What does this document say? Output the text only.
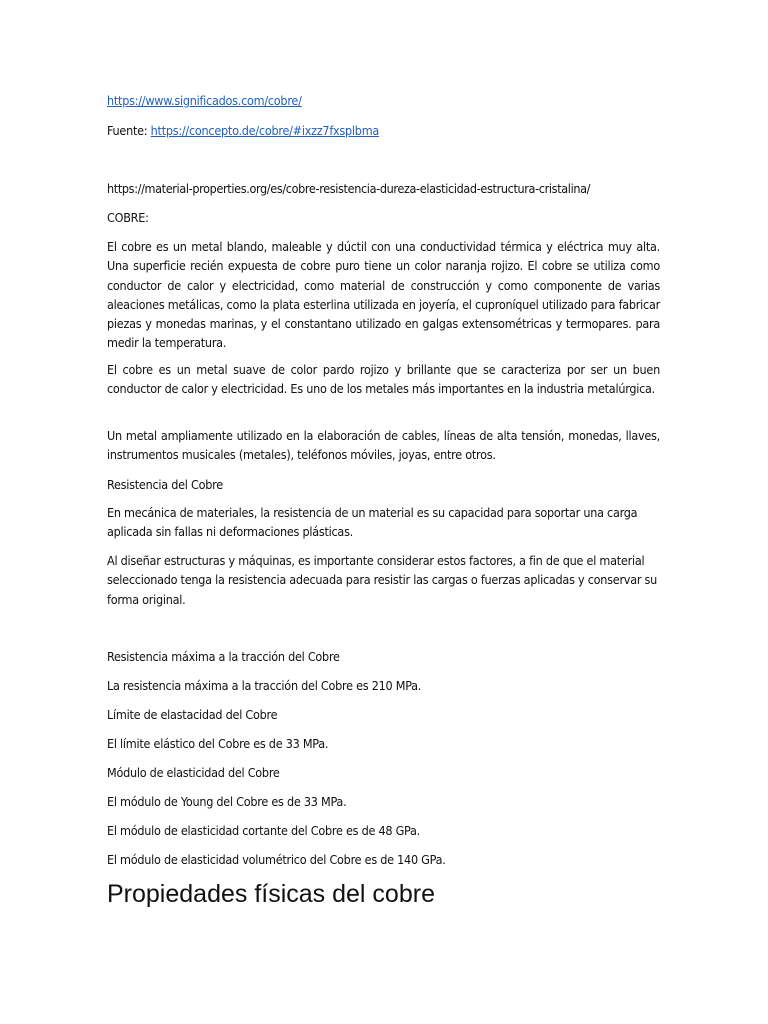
https://www.significados.com/cobre/
Fuente: https://concepto.de/cobre/#ixzz7fxsplbma
https://material-properties.org/es/cobre-resistencia-dureza-elasticidad-estructura-cristalina/
COBRE:
El cobre es un metal blando, maleable y dúctil con una conductividad térmica y eléctrica muy alta. Una superficie recién expuesta de cobre puro tiene un color naranja rojizo. El cobre se utiliza como conductor de calor y electricidad, como material de construcción y como componente de varias aleaciones metálicas, como la plata esterlina utilizada en joyería, el cuproníquel utilizado para fabricar piezas y monedas marinas, y el constantano utilizado en galgas extensométricas y termopares. para medir la temperatura.
El cobre es un metal suave de color pardo rojizo y brillante que se caracteriza por ser un buen conductor de calor y electricidad. Es uno de los metales más importantes en la industria metalúrgica.
Un metal ampliamente utilizado en la elaboración de cables, líneas de alta tensión, monedas, llaves, instrumentos musicales (metales), teléfonos móviles, joyas, entre otros.
Resistencia del Cobre
En mecánica de materiales, la resistencia de un material es su capacidad para soportar una carga aplicada sin fallas ni deformaciones plásticas.
Al diseñar estructuras y máquinas, es importante considerar estos factores, a fin de que el material seleccionado tenga la resistencia adecuada para resistir las cargas o fuerzas aplicadas y conservar su forma original.
Resistencia máxima a la tracción del Cobre
La resistencia máxima a la tracción del Cobre es 210 MPa.
Límite de elastacidad del Cobre
El límite elástico del Cobre es de 33 MPa.
Módulo de elasticidad del Cobre
El módulo de Young del Cobre es de 33 MPa.
El módulo de elasticidad cortante del Cobre es de 48 GPa.
El módulo de elasticidad volumétrico del Cobre es de 140 GPa.
Propiedades físicas del cobre
